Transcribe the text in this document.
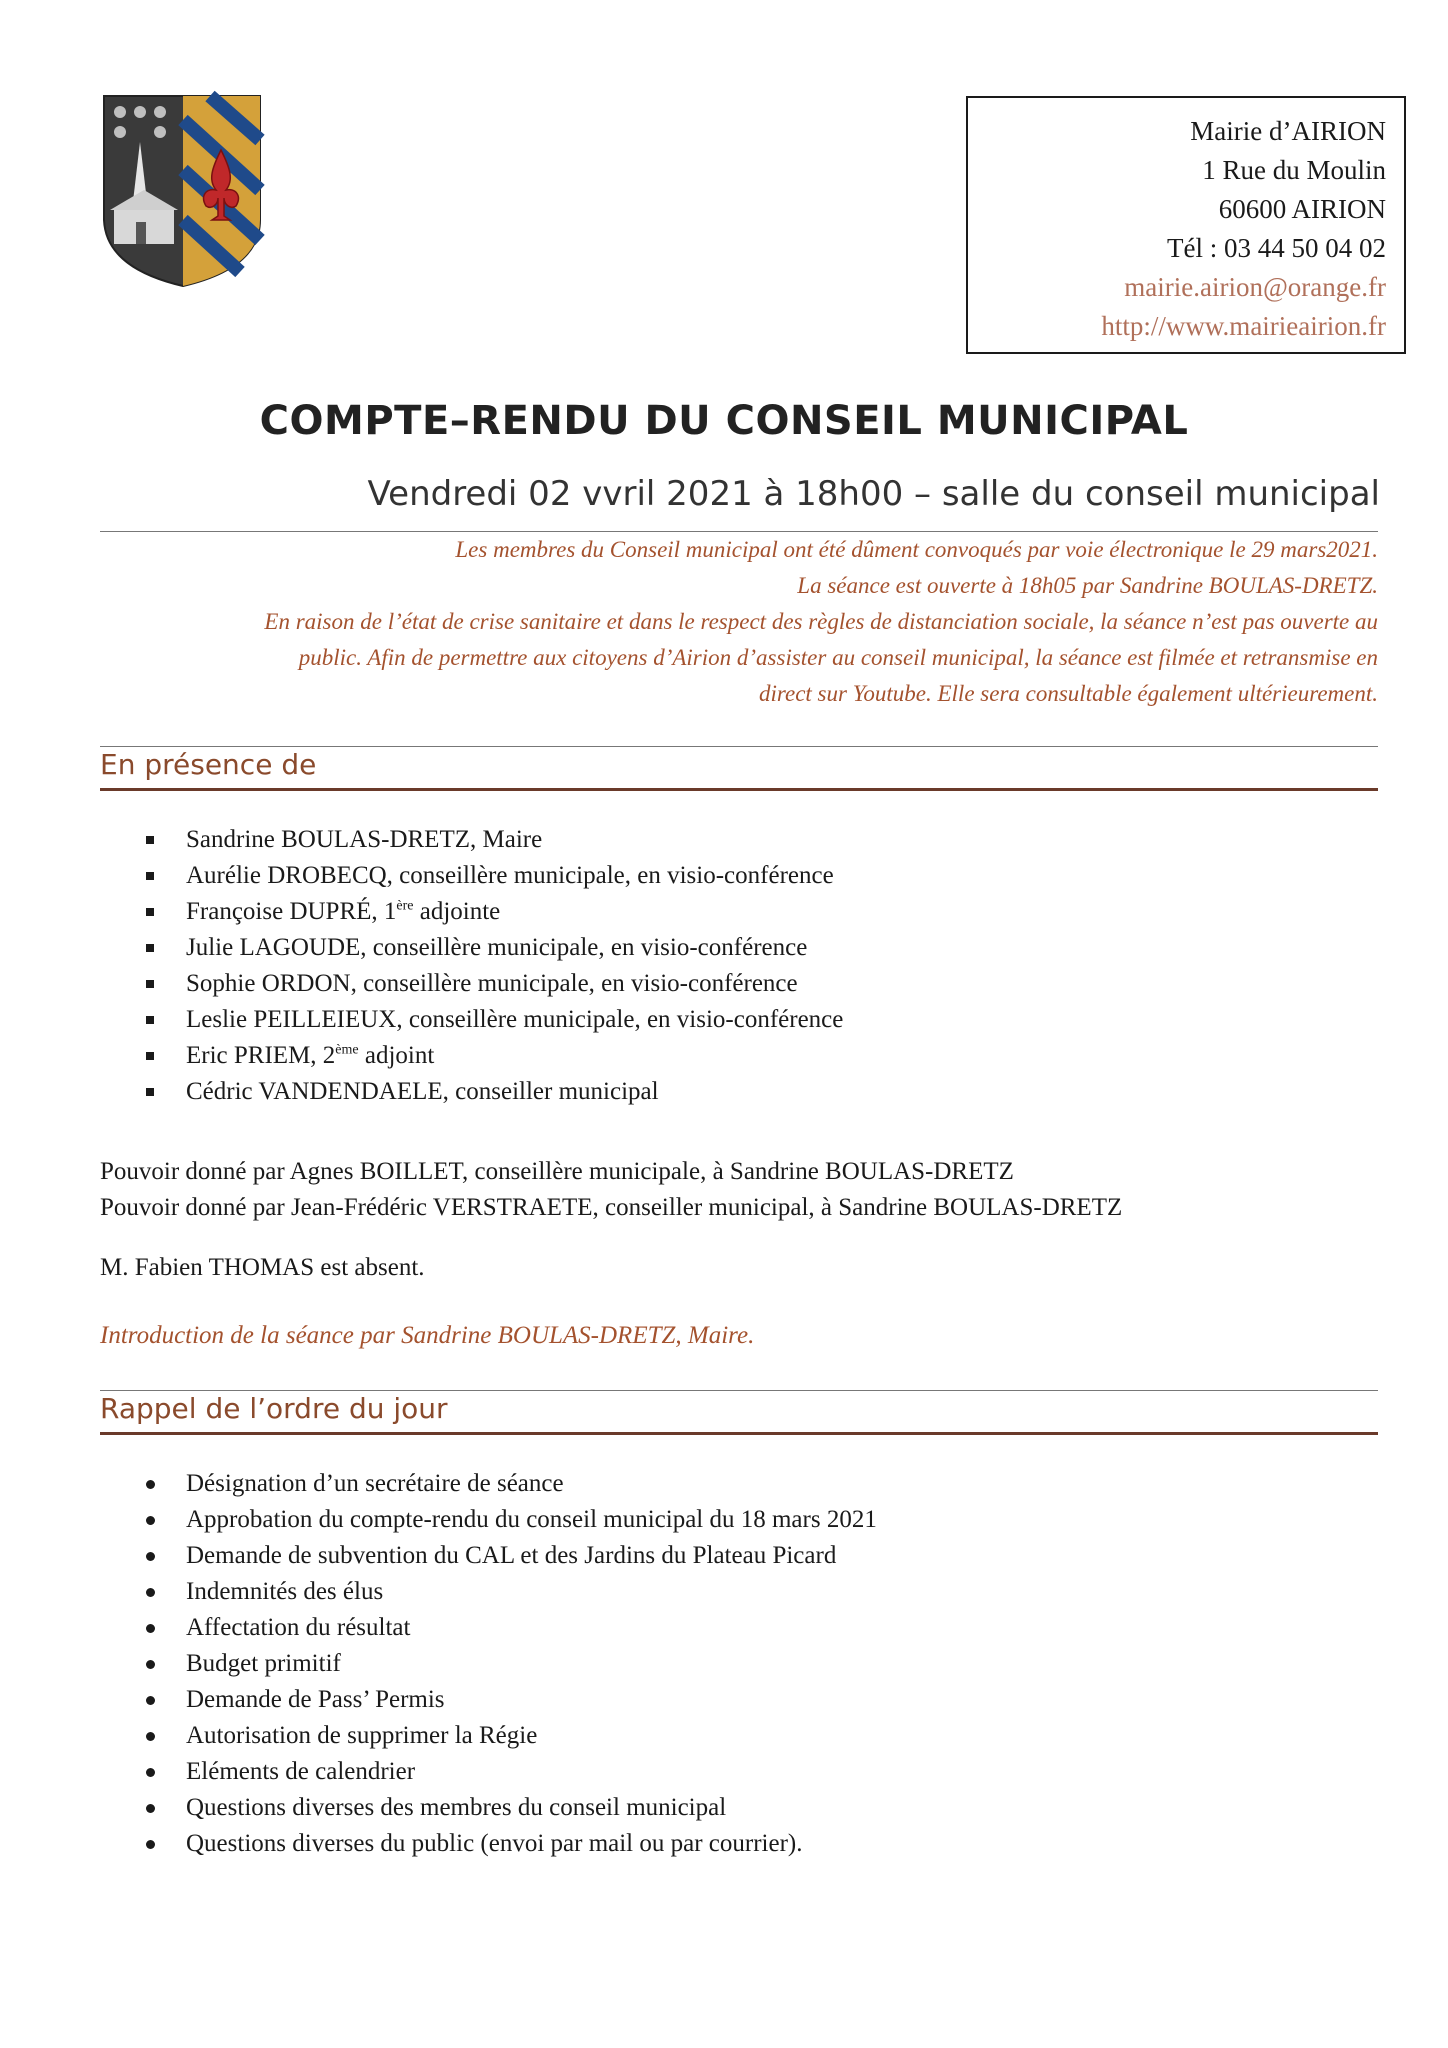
Mairie d’AIRION
1 Rue du Moulin
60600 AIRION
Tél : 03 44 50 04 02
mairie.airion@orange.fr
http://www.mairieairion.fr
COMPTE–RENDU DU CONSEIL MUNICIPAL
Vendredi 02 vvril 2021 à 18h00 – salle du conseil municipal
Les membres du Conseil municipal ont été dûment convoqués par voie électronique le 29 mars2021.
La séance est ouverte à 18h05 par Sandrine BOULAS-DRETZ.
En raison de l’état de crise sanitaire et dans le respect des règles de distanciation sociale, la séance n’est pas ouverte au
public. Afin de permettre aux citoyens d’Airion d’assister au conseil municipal, la séance est filmée et retransmise en
direct sur Youtube. Elle sera consultable également ultérieurement.
En présence de
Sandrine BOULAS-DRETZ, Maire
Aurélie DROBECQ, conseillère municipale, en visio-conférence
Françoise DUPRÉ, 1ère adjointe
Julie LAGOUDE, conseillère municipale, en visio-conférence
Sophie ORDON, conseillère municipale, en visio-conférence
Leslie PEILLEIEUX, conseillère municipale, en visio-conférence
Eric PRIEM, 2ème adjoint
Cédric VANDENDAELE, conseiller municipal
Pouvoir donné par Agnes BOILLET, conseillère municipale, à Sandrine BOULAS-DRETZ
Pouvoir donné par Jean-Frédéric VERSTRAETE, conseiller municipal, à Sandrine BOULAS-DRETZ
M. Fabien THOMAS est absent.
Introduction de la séance par Sandrine BOULAS-DRETZ, Maire.
Rappel de l’ordre du jour
Désignation d’un secrétaire de séance
Approbation du compte-rendu du conseil municipal du 18 mars 2021
Demande de subvention du CAL et des Jardins du Plateau Picard
Indemnités des élus
Affectation du résultat
Budget primitif
Demande de Pass’ Permis
Autorisation de supprimer la Régie
Eléments de calendrier
Questions diverses des membres du conseil municipal
Questions diverses du public (envoi par mail ou par courrier).
